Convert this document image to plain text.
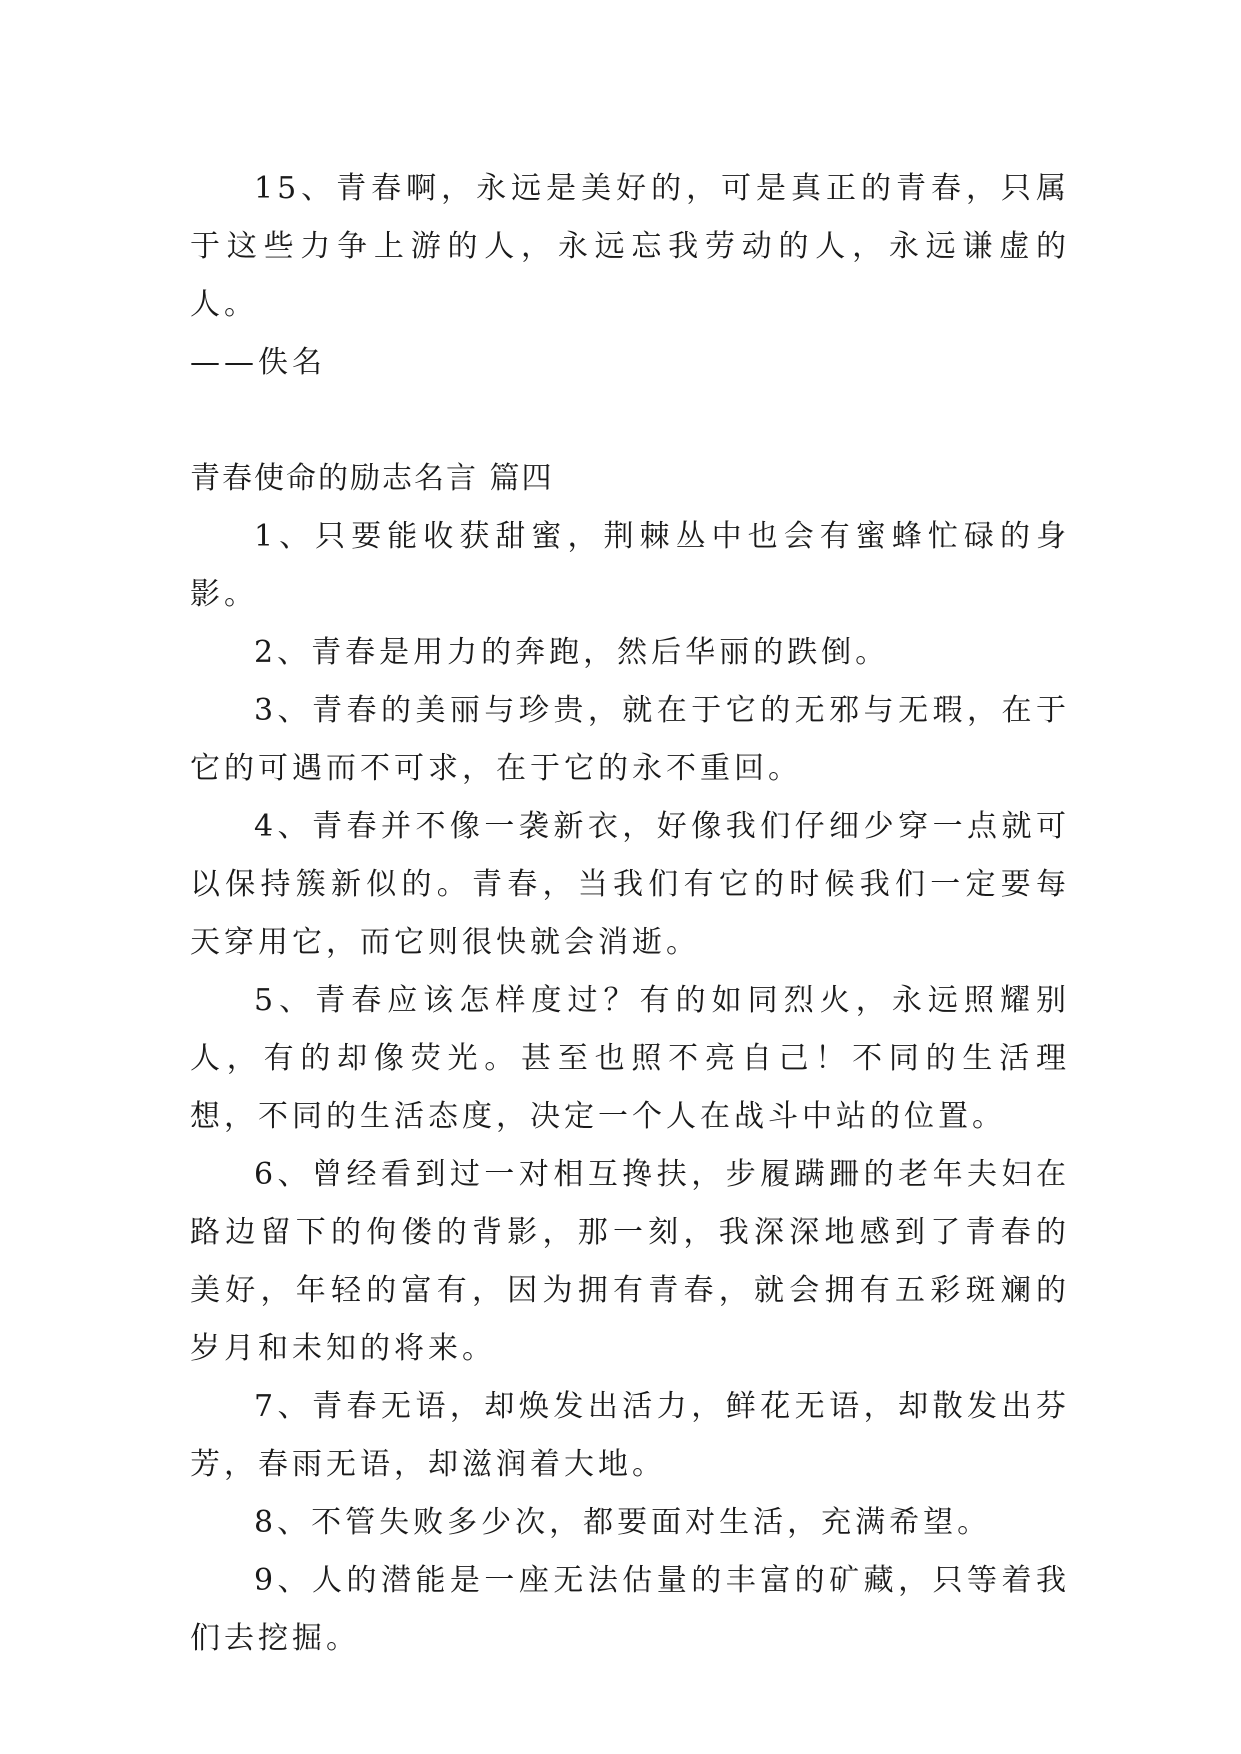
15、青春啊，永远是美好的，可是真正的青春，只属于这些力争上游的人，永远忘我劳动的人，永远谦虚的人。

——佚名

青春使命的励志名言 篇四

1、只要能收获甜蜜，荆棘丛中也会有蜜蜂忙碌的身影。

2、青春是用力的奔跑，然后华丽的跌倒。

3、青春的美丽与珍贵，就在于它的无邪与无瑕，在于它的可遇而不可求，在于它的永不重回。

4、青春并不像一袭新衣，好像我们仔细少穿一点就可以保持簇新似的。青春，当我们有它的时候我们一定要每天穿用它，而它则很快就会消逝。

5、青春应该怎样度过？有的如同烈火，永远照耀别人，有的却像荧光。甚至也照不亮自己！不同的生活理想，不同的生活态度，决定一个人在战斗中站的位置。

6、曾经看到过一对相互搀扶，步履蹒跚的老年夫妇在路边留下的佝偻的背影，那一刻，我深深地感到了青春的美好，年轻的富有，因为拥有青春，就会拥有五彩斑斓的岁月和未知的将来。

7、青春无语，却焕发出活力，鲜花无语，却散发出芬芳，春雨无语，却滋润着大地。

8、不管失败多少次，都要面对生活，充满希望。

9、人的潜能是一座无法估量的丰富的矿藏，只等着我们去挖掘。
